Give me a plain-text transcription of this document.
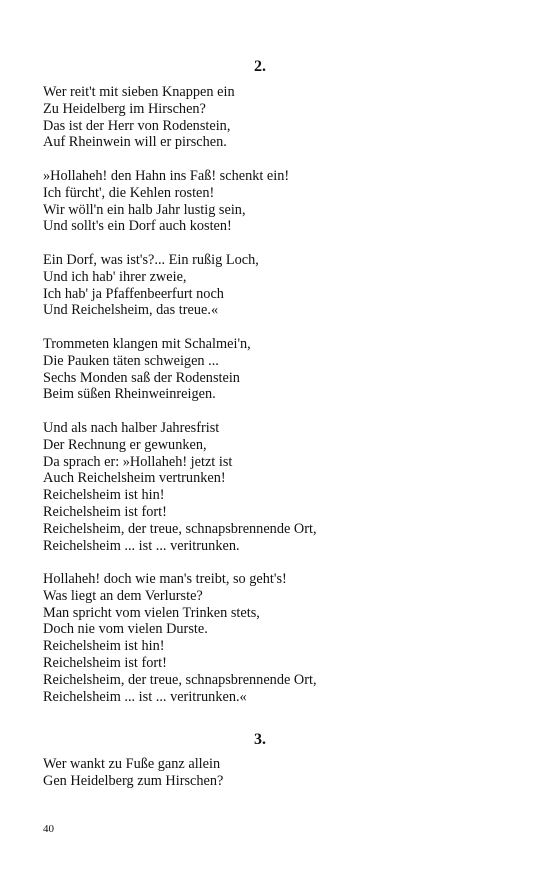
2.
Wer reit't mit sieben Knappen ein
Zu Heidelberg im Hirschen?
Das ist der Herr von Rodenstein,
Auf Rheinwein will er pirschen.
»Hollaheh! den Hahn ins Faß! schenkt ein!
Ich fürcht', die Kehlen rosten!
Wir wöll'n ein halb Jahr lustig sein,
Und sollt's ein Dorf auch kosten!
Ein Dorf, was ist's?... Ein rußig Loch,
Und ich hab' ihrer zweie,
Ich hab' ja Pfaffenbeerfurt noch
Und Reichelsheim, das treue.«
Trommeten klangen mit Schalmei'n,
Die Pauken täten schweigen ...
Sechs Monden saß der Rodenstein
Beim süßen Rheinweinreigen.
Und als nach halber Jahresfrist
Der Rechnung er gewunken,
Da sprach er: »Hollaheh! jetzt ist
Auch Reichelsheim vertrunken!
Reichelsheim ist hin!
Reichelsheim ist fort!
Reichelsheim, der treue, schnapsbrennende Ort,
Reichelsheim ... ist ... veritrunken.
Hollaheh! doch wie man's treibt, so geht's!
Was liegt an dem Verlurste?
Man spricht vom vielen Trinken stets,
Doch nie vom vielen Durste.
Reichelsheim ist hin!
Reichelsheim ist fort!
Reichelsheim, der treue, schnapsbrennende Ort,
Reichelsheim ... ist ... veritrunken.«
3.
Wer wankt zu Fuße ganz allein
Gen Heidelberg zum Hirschen?
40
